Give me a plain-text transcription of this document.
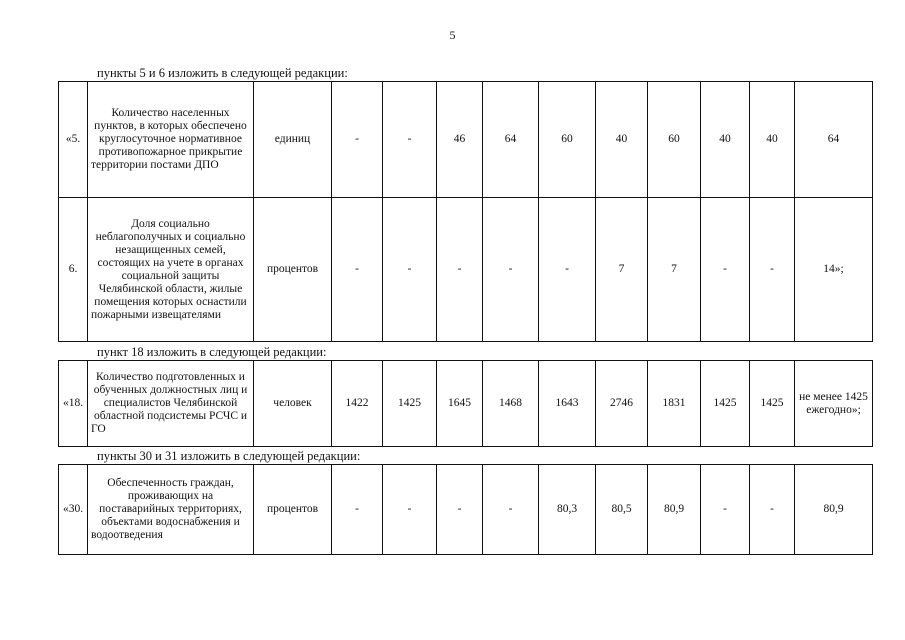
5
пункты 5 и 6 изложить в следующей редакции:
«5.	Количество населенных пунктов, в которых обеспечено круглосуточное нормативное противопожарное прикрытие территории постами ДПО	единиц	-	-	46	64	60	40	60	40	40	64
6.	Доля социально неблагополучных и социально незащищенных семей, состоящих на учете в органах социальной защиты Челябинской области, жилые помещения которых оснастили пожарными извещателями	процентов	-	-	-	-	-	7	7	-	-	14»;
пункт 18 изложить в следующей редакции:
«18.	Количество подготовленных и обученных должностных лиц и специалистов Челябинской областной подсистемы РСЧС и ГО	человек	1422	1425	1645	1468	1643	2746	1831	1425	1425	не менее 1425 ежегодно»;
пункты 30 и 31 изложить в следующей редакции:
«30.	Обеспеченность граждан, проживающих на поставарийных территориях, объектами водоснабжения и водоотведения	процентов	-	-	-	-	80,3	80,5	80,9	-	-	80,9
